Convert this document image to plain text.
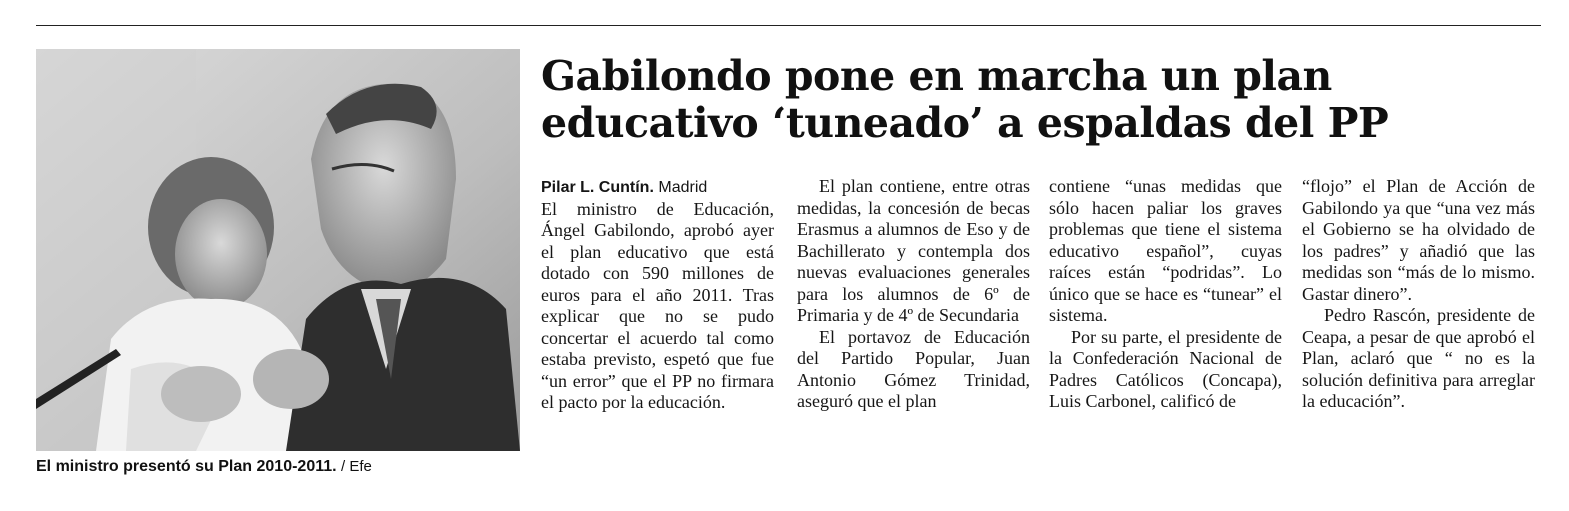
El ministro presentó su Plan 2010-2011. / Efe
Gabilondo pone en marcha un plan
educativo ‘tuneado’ a espaldas del PP

Pilar L. Cuntín. Madrid

El ministro de Educación, Ángel Gabilondo, aprobó ayer el plan educativo que está dotado con 590 millones de euros para el año 2011. Tras explicar que no se pudo concertar el acuerdo tal como estaba previsto, espetó que fue “un error” que el PP no firmara el pacto por la educación.

El plan contiene, entre otras medidas, la concesión de becas Erasmus a alumnos de Eso y de Bachillerato y contempla dos nuevas evaluaciones generales para los alumnos de 6º de Primaria y de 4º de Secundaria

El portavoz de Educación del Partido Popular, Juan Antonio Gómez Trinidad, aseguró que el plan

contiene “unas medidas que sólo hacen paliar los graves problemas que tiene el sistema educativo español”, cuyas raíces están “podridas”. Lo único que se hace es “tunear” el sistema.

Por su parte, el presidente de la Confederación Nacional de Padres Católicos (Concapa), Luis Carbonel, calificó de

“flojo” el Plan de Acción de Gabilondo ya que “una vez más el Gobierno se ha olvidado de los padres” y añadió que las medidas son “más de lo mismo. Gastar dinero”.

Pedro Rascón, presidente de Ceapa, a pesar de que aprobó el Plan, aclaró que “ no es la solución definitiva para arreglar la educación”.
